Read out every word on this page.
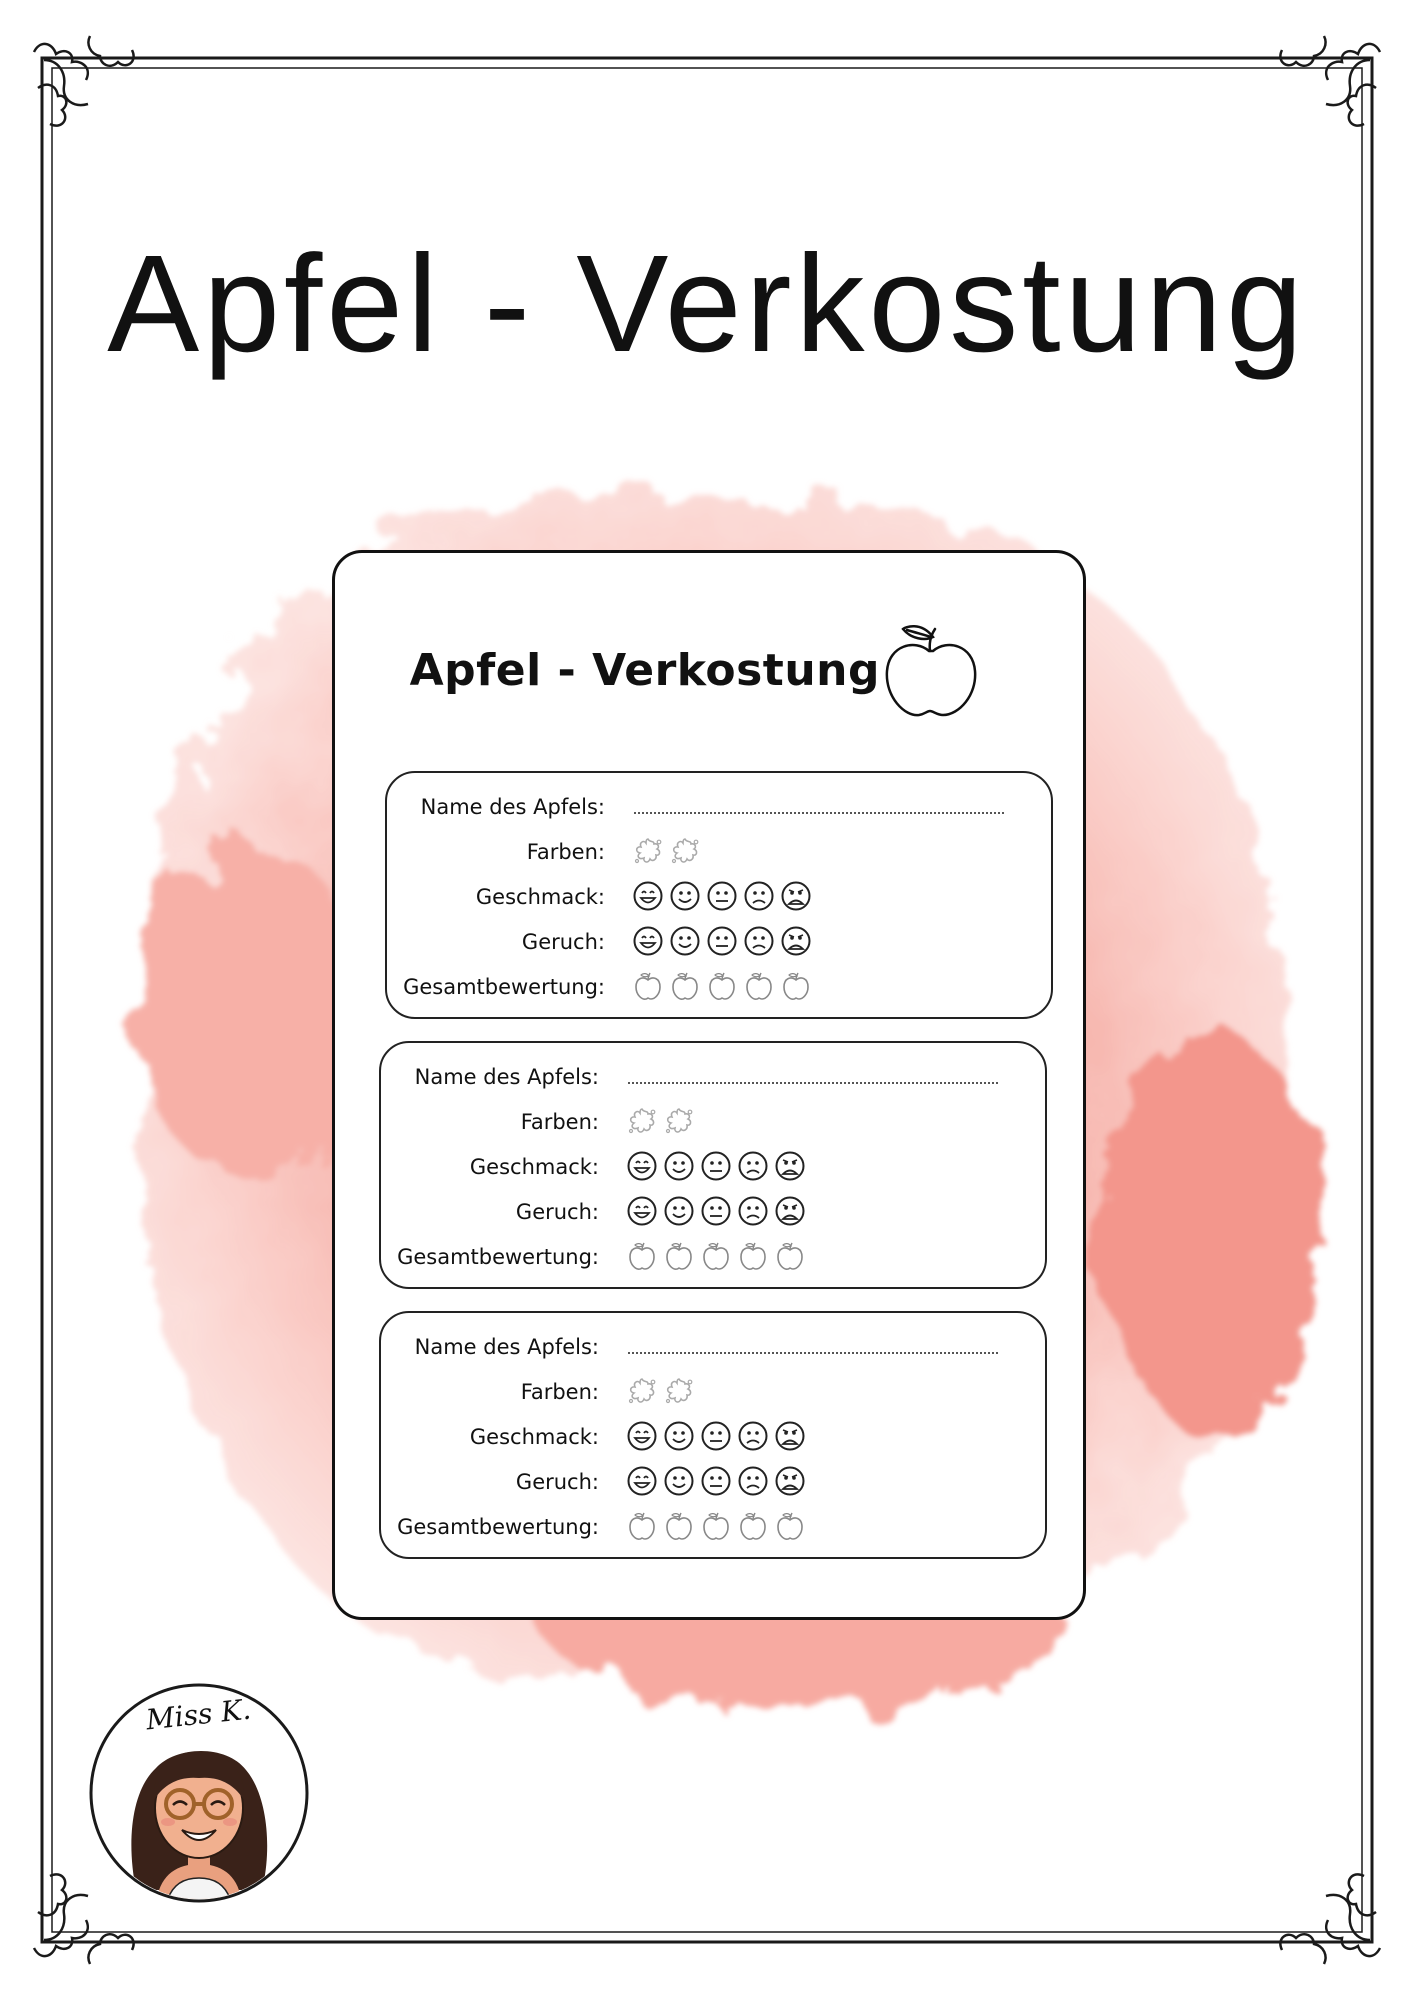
Apfel - Verkostung
Apfel - Verkostung
Name des Apfels:
Farben:
Geschmack:
Geruch:
Gesamtbewertung:
Name des Apfels:
Farben:
Geschmack:
Geruch:
Gesamtbewertung:
Name des Apfels:
Farben:
Geschmack:
Geruch:
Gesamtbewertung:
Miss K.
